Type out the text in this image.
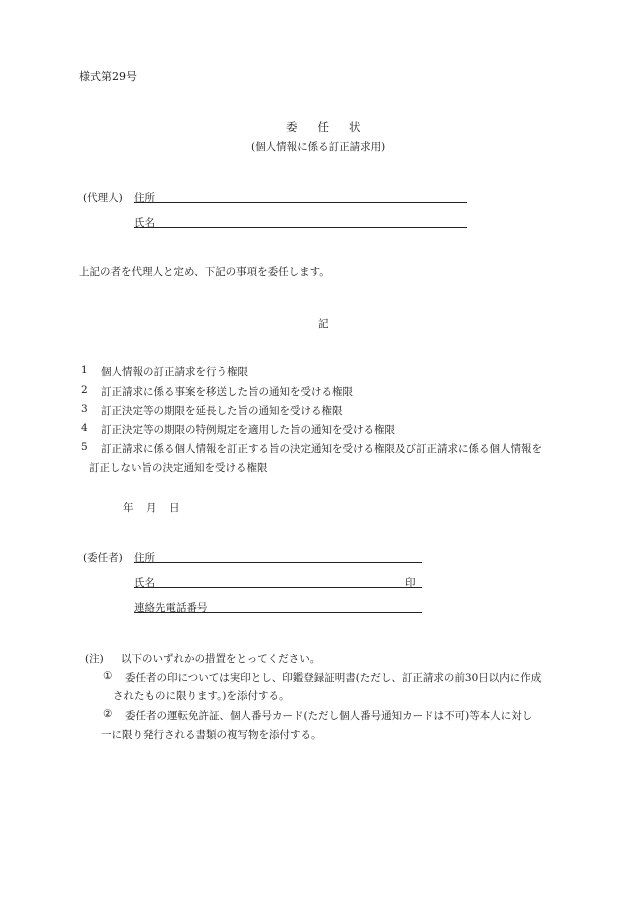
様式第29号
委任状
(個人情報に係る訂正請求用)
(代理人) 住所
氏名
上記の者を代理人と定め、下記の事項を委任します。
記
1 個人情報の訂正請求を行う権限
2 訂正請求に係る事案を移送した旨の通知を受ける権限
3 訂正決定等の期限を延長した旨の通知を受ける権限
4 訂正決定等の期限の特例規定を適用した旨の通知を受ける権限
5 訂正請求に係る個人情報を訂正する旨の決定通知を受ける権限及び訂正請求に係る個人情報を
訂正しない旨の決定通知を受ける権限
年 月 日
(委任者) 住所
氏名	印
連絡先電話番号
(注) 以下のいずれかの措置をとってください。
① 委任者の印については実印とし、印鑑登録証明書(ただし、訂正請求の前30日以内に作成
されたものに限ります。)を添付する。
② 委任者の運転免許証、個人番号カード(ただし個人番号通知カードは不可)等本人に対し
一に限り発行される書類の複写物を添付する。
